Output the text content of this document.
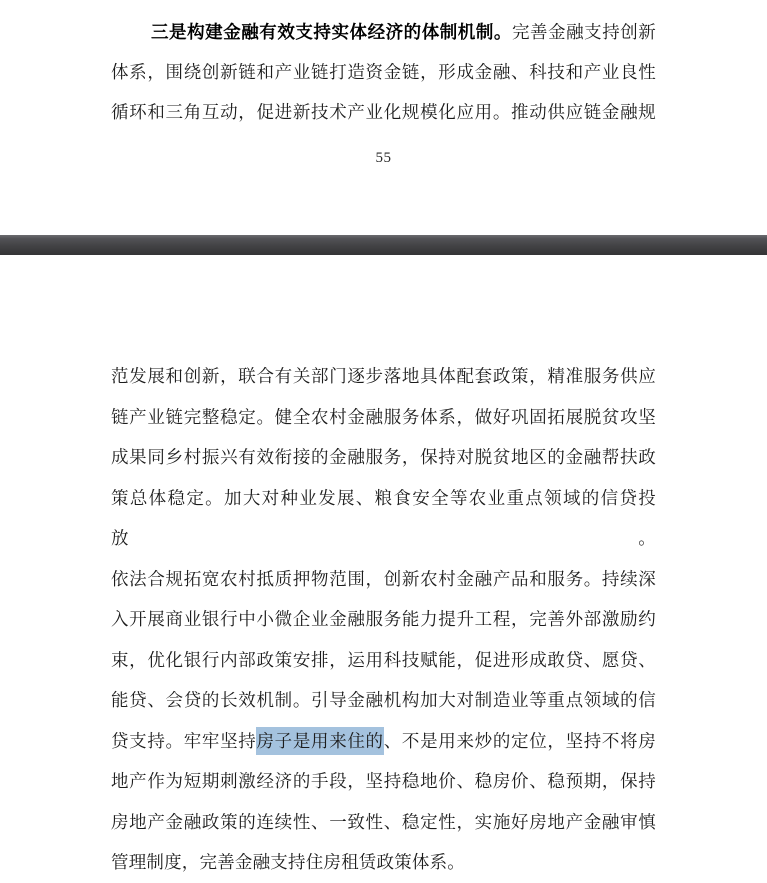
三是构建金融有效支持实体经济的体制机制。完善金融支持创新
体系，围绕创新链和产业链打造资金链，形成金融、科技和产业良性
循环和三角互动，促进新技术产业化规模化应用。推动供应链金融规
55
范发展和创新，联合有关部门逐步落地具体配套政策，精准服务供应
链产业链完整稳定。健全农村金融服务体系，做好巩固拓展脱贫攻坚
成果同乡村振兴有效衔接的金融服务，保持对脱贫地区的金融帮扶政
策总体稳定。加大对种业发展、粮食安全等农业重点领域的信贷投放。
依法合规拓宽农村抵质押物范围，创新农村金融产品和服务。持续深
入开展商业银行中小微企业金融服务能力提升工程，完善外部激励约
束，优化银行内部政策安排，运用科技赋能，促进形成敢贷、愿贷、
能贷、会贷的长效机制。引导金融机构加大对制造业等重点领域的信
贷支持。牢牢坚持房子是用来住的、不是用来炒的定位，坚持不将房
地产作为短期刺激经济的手段，坚持稳地价、稳房价、稳预期，保持
房地产金融政策的连续性、一致性、稳定性，实施好房地产金融审慎
管理制度，完善金融支持住房租赁政策体系。
